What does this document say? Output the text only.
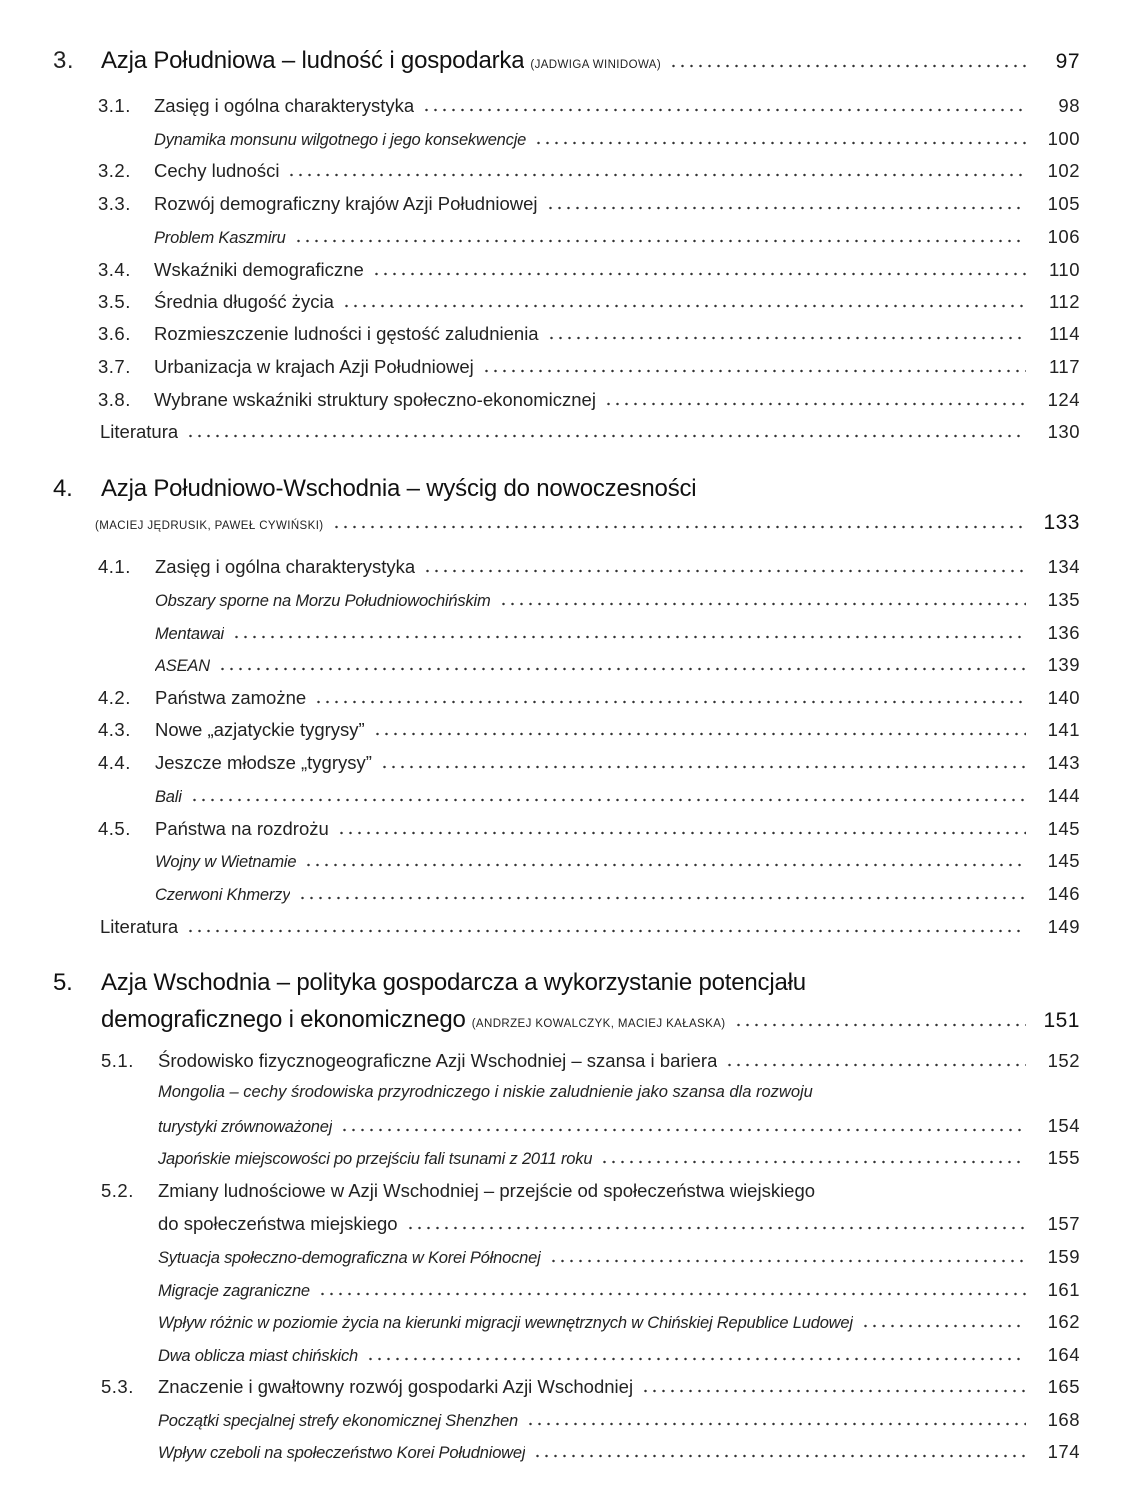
3. Azja Południowa – ludność i gospodarka (JADWIGA WINIDOWA)	97
3.1. Zasięg i ogólna charakterystyka	98
Dynamika monsunu wilgotnego i jego konsekwencje	100
3.2. Cechy ludności	102
3.3. Rozwój demograficzny krajów Azji Południowej	105
Problem Kaszmiru	106
3.4. Wskaźniki demograficzne	110
3.5. Średnia długość życia	112
3.6. Rozmieszczenie ludności i gęstość zaludnienia	114
3.7. Urbanizacja w krajach Azji Południowej	117
3.8. Wybrane wskaźniki struktury społeczno-ekonomicznej	124
Literatura	130
4. Azja Południowo-Wschodnia – wyścig do nowoczesności
(MACIEJ JĘDRUSIK, PAWEŁ CYWIŃSKI)	133
4.1. Zasięg i ogólna charakterystyka	134
Obszary sporne na Morzu Południowochińskim	135
Mentawai	136
ASEAN	139
4.2. Państwa zamożne	140
4.3. Nowe „azjatyckie tygrysy”	141
4.4. Jeszcze młodsze „tygrysy”	143
Bali	144
4.5. Państwa na rozdrożu	145
Wojny w Wietnamie	145
Czerwoni Khmerzy	146
Literatura	149
5. Azja Wschodnia – polityka gospodarcza a wykorzystanie potencjału
demograficznego i ekonomicznego (ANDRZEJ KOWALCZYK, MACIEJ KAŁASKA)	151
5.1. Środowisko fizycznogeograficzne Azji Wschodniej – szansa i bariera	152
Mongolia – cechy środowiska przyrodniczego i niskie zaludnienie jako szansa dla rozwoju
turystyki zrównoważonej	154
Japońskie miejscowości po przejściu fali tsunami z 2011 roku	155
5.2. Zmiany ludnościowe w Azji Wschodniej – przejście od społeczeństwa wiejskiego
do społeczeństwa miejskiego	157
Sytuacja społeczno-demograficzna w Korei Północnej	159
Migracje zagraniczne	161
Wpływ różnic w poziomie życia na kierunki migracji wewnętrznych w Chińskiej Republice Ludowej	162
Dwa oblicza miast chińskich	164
5.3. Znaczenie i gwałtowny rozwój gospodarki Azji Wschodniej	165
Początki specjalnej strefy ekonomicznej Shenzhen	168
Wpływ czeboli na społeczeństwo Korei Południowej	174
